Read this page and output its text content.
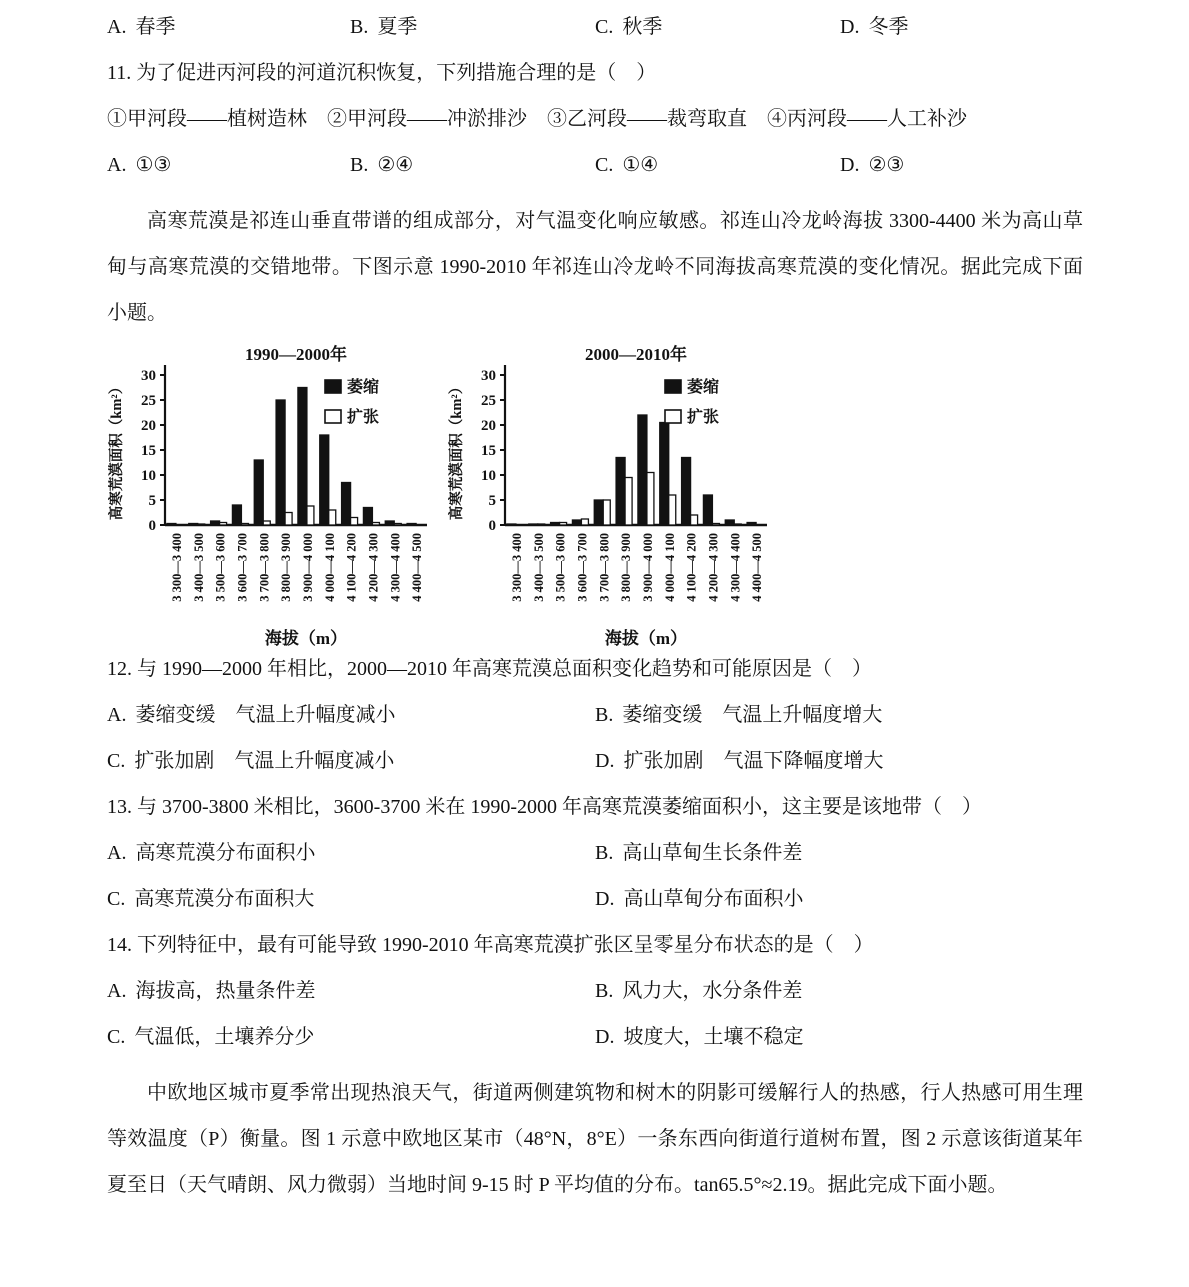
A. 春季	B. 夏季	C. 秋季	D. 冬季
11. 为了促进丙河段的河道沉积恢复，下列措施合理的是（　）
①甲河段——植树造林　②甲河段——冲淤排沙　③乙河段——裁弯取直　④丙河段——人工补沙
A. ①③	B. ②④	C. ①④	D. ②③

高寒荒漠是祁连山垂直带谱的组成部分，对气温变化响应敏感。祁连山冷龙岭海拔 3300-4400 米为高山草甸与高寒荒漠的交错地带。下图示意 1990-2010 年祁连山冷龙岭不同海拔高寒荒漠的变化情况。据此完成下面小题。

1990—2000年
0
5
10
15
20
25
30
高寒荒漠面积（km²）
3 300—3 400 3 400—3 500 3 500—3 600 3 600—3 700 3 700—3 800 3 800—3 900 3 900—4 000 4 000—4 100 4 100—4 200 4 200—4 300 4 300—4 400 4 400—4 500
海拔（m）
萎缩
扩张
2000—2010年
0
5
10
15
20
25
30
高寒荒漠面积（km²）
3 300—3 400 3 400—3 500 3 500—3 600 3 600—3 700 3 700—3 800 3 800—3 900 3 900—4 000 4 000—4 100 4 100—4 200 4 200—4 300 4 300—4 400 4 400—4 500
海拔（m）
萎缩
扩张
12. 与 1990—2000 年相比，2000—2010 年高寒荒漠总面积变化趋势和可能原因是（　）
A. 萎缩变缓　气温上升幅度减小	B. 萎缩变缓　气温上升幅度增大
C. 扩张加剧　气温上升幅度减小	D. 扩张加剧　气温下降幅度增大
13. 与 3700-3800 米相比，3600-3700 米在 1990-2000 年高寒荒漠萎缩面积小，这主要是该地带（　）
A. 高寒荒漠分布面积小	B. 高山草甸生长条件差
C. 高寒荒漠分布面积大	D. 高山草甸分布面积小
14. 下列特征中，最有可能导致 1990-2010 年高寒荒漠扩张区呈零星分布状态的是（　）
A. 海拔高，热量条件差	B. 风力大，水分条件差
C. 气温低，土壤养分少	D. 坡度大，土壤不稳定

中欧地区城市夏季常出现热浪天气，街道两侧建筑物和树木的阴影可缓解行人的热感，行人热感可用生理等效温度（P）衡量。图 1 示意中欧地区某市（48°N，8°E）一条东西向街道行道树布置，图 2 示意该街道某年夏至日（天气晴朗、风力微弱）当地时间 9-15 时 P 平均值的分布。tan65.5°≈2.19。据此完成下面小题。
